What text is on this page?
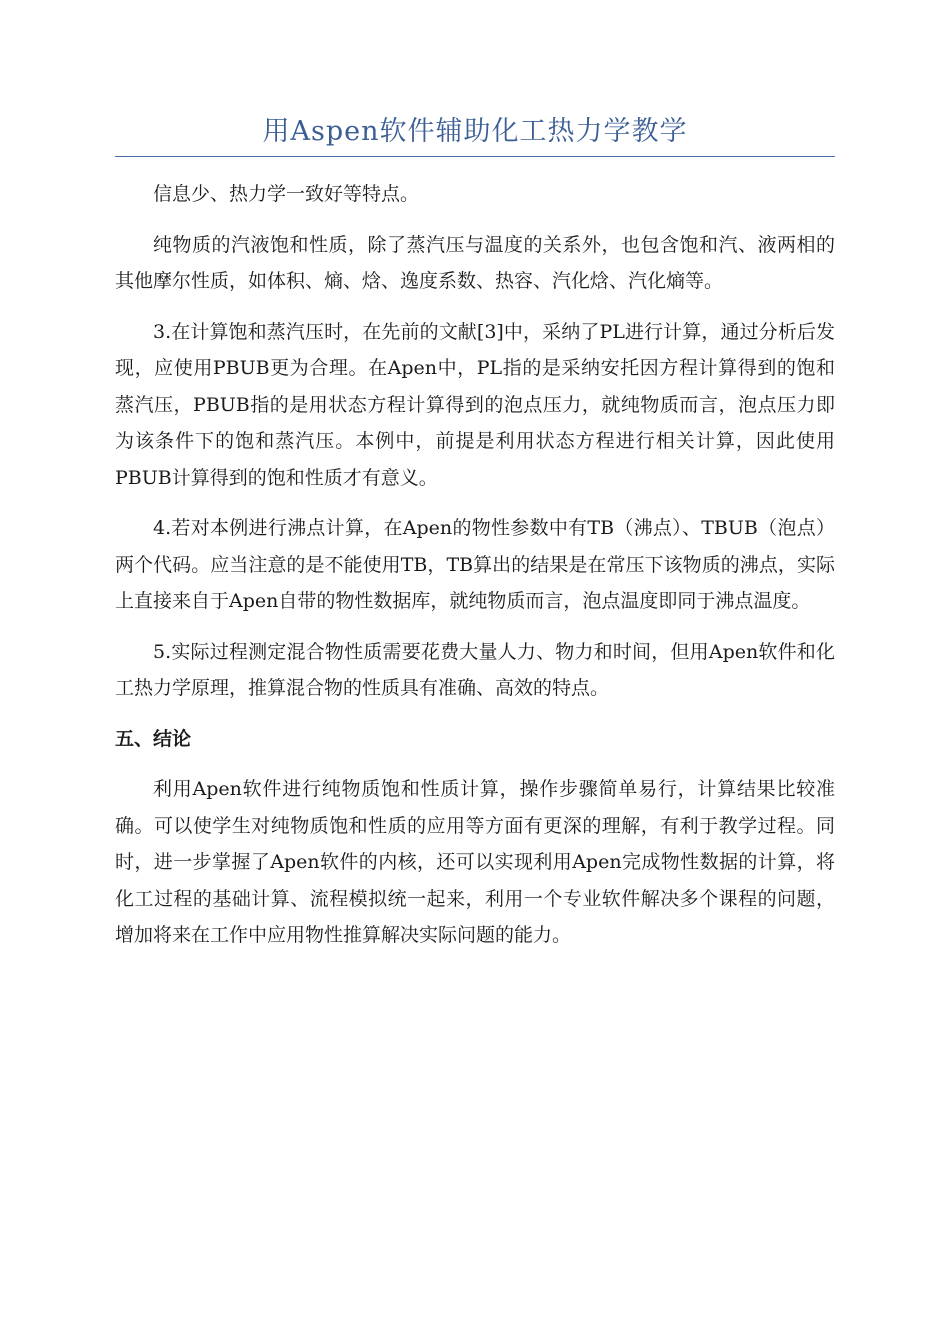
用Aspen软件辅助化工热力学教学

信息少、热力学一致好等特点。

纯物质的汽液饱和性质，除了蒸汽压与温度的关系外，也包含饱和汽、液两相的其他摩尔性质，如体积、熵、焓、逸度系数、热容、汽化焓、汽化熵等。

3.在计算饱和蒸汽压时，在先前的文献[3]中，采纳了PL进行计算，通过分析后发现，应使用PBUB更为合理。在Apen中，PL指的是采纳安托因方程计算得到的饱和蒸汽压，PBUB指的是用状态方程计算得到的泡点压力，就纯物质而言，泡点压力即为该条件下的饱和蒸汽压。本例中，前提是利用状态方程进行相关计算，因此使用PBUB计算得到的饱和性质才有意义。

4.若对本例进行沸点计算，在Apen的物性参数中有TB（沸点）、TBUB（泡点）两个代码。应当注意的是不能使用TB，TB算出的结果是在常压下该物质的沸点，实际上直接来自于Apen自带的物性数据库，就纯物质而言，泡点温度即同于沸点温度。

5.实际过程测定混合物性质需要花费大量人力、物力和时间，但用Apen软件和化工热力学原理，推算混合物的性质具有准确、高效的特点。

五、结论

利用Apen软件进行纯物质饱和性质计算，操作步骤简单易行，计算结果比较准确。可以使学生对纯物质饱和性质的应用等方面有更深的理解，有利于教学过程。同时，进一步掌握了Apen软件的内核，还可以实现利用Apen完成物性数据的计算，将化工过程的基础计算、流程模拟统一起来，利用一个专业软件解决多个课程的问题，增加将来在工作中应用物性推算解决实际问题的能力。
